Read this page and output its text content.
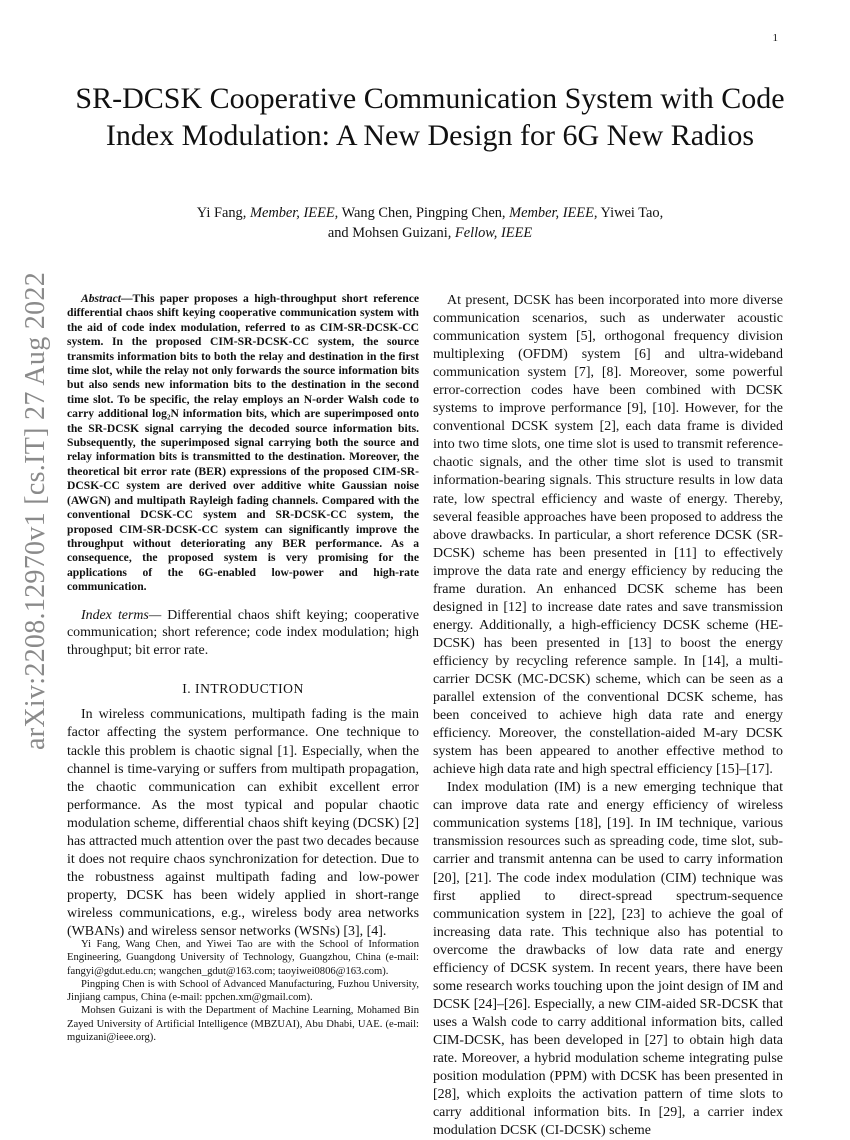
1
arXiv:2208.12970v1 [cs.IT] 27 Aug 2022
SR-DCSK Cooperative Communication System with Code Index Modulation: A New Design for 6G New Radios
Yi Fang, Member, IEEE, Wang Chen, Pingping Chen, Member, IEEE, Yiwei Tao,
and Mohsen Guizani, Fellow, IEEE

Abstract—This paper proposes a high-throughput short reference differential chaos shift keying cooperative communication system with the aid of code index modulation, referred to as CIM-SR-DCSK-CC system. In the proposed CIM-SR-DCSK-CC system, the source transmits information bits to both the relay and destination in the first time slot, while the relay not only forwards the source information bits but also sends new information bits to the destination in the second time slot. To be specific, the relay employs an N-order Walsh code to carry additional log₂N information bits, which are superimposed onto the SR-DCSK signal carrying the decoded source information bits. Subsequently, the superimposed signal carrying both the source and relay information bits is transmitted to the destination. Moreover, the theoretical bit error rate (BER) expressions of the proposed CIM-SR-DCSK-CC system are derived over additive white Gaussian noise (AWGN) and multipath Rayleigh fading channels. Compared with the conventional DCSK-CC system and SR-DCSK-CC system, the proposed CIM-SR-DCSK-CC system can significantly improve the throughput without deteriorating any BER performance. As a consequence, the proposed system is very promising for the applications of the 6G-enabled low-power and high-rate communication.

Index terms— Differential chaos shift keying; cooperative communication; short reference; code index modulation; high throughput; bit error rate.

I. INTRODUCTION

In wireless communications, multipath fading is the main factor affecting the system performance. One technique to tackle this problem is chaotic signal [1]. Especially, when the channel is time-varying or suffers from multipath propagation, the chaotic communication can exhibit excellent error performance. As the most typical and popular chaotic modulation scheme, differential chaos shift keying (DCSK) [2] has attracted much attention over the past two decades because it does not require chaos synchronization for detection. Due to the robustness against multipath fading and low-power property, DCSK has been widely applied in short-range wireless communications, e.g., wireless body area networks (WBANs) and wireless sensor networks (WSNs) [3], [4].

Yi Fang, Wang Chen, and Yiwei Tao are with the School of Information Engineering, Guangdong University of Technology, Guangzhou, China (e-mail: fangyi@gdut.edu.cn; wangchen_gdut@163.com; taoyiwei0806@163.com).

Pingping Chen is with School of Advanced Manufacturing, Fuzhou University, Jinjiang campus, China (e-mail: ppchen.xm@gmail.com).

Mohsen Guizani is with the Department of Machine Learning, Mohamed Bin Zayed University of Artificial Intelligence (MBZUAI), Abu Dhabi, UAE. (e-mail: mguizani@ieee.org).

At present, DCSK has been incorporated into more diverse communication scenarios, such as underwater acoustic communication system [5], orthogonal frequency division multiplexing (OFDM) system [6] and ultra-wideband communication system [7], [8]. Moreover, some powerful error-correction codes have been combined with DCSK systems to improve performance [9], [10]. However, for the conventional DCSK system [2], each data frame is divided into two time slots, one time slot is used to transmit reference-chaotic signals, and the other time slot is used to transmit information-bearing signals. This structure results in low data rate, low spectral efficiency and waste of energy. Thereby, several feasible approaches have been proposed to address the above drawbacks. In particular, a short reference DCSK (SR-DCSK) scheme has been presented in [11] to effectively improve the data rate and energy efficiency by reducing the frame duration. An enhanced DCSK scheme has been designed in [12] to increase date rates and save transmission energy. Additionally, a high-efficiency DCSK scheme (HE-DCSK) has been presented in [13] to boost the energy efficiency by recycling reference sample. In [14], a multi-carrier DCSK (MC-DCSK) scheme, which can be seen as a parallel extension of the conventional DCSK scheme, has been conceived to achieve high data rate and energy efficiency. Moreover, the constellation-aided M-ary DCSK system has been appeared to another effective method to achieve high data rate and high spectral efficiency [15]–[17].

Index modulation (IM) is a new emerging technique that can improve data rate and energy efficiency of wireless communication systems [18], [19]. In IM technique, various transmission resources such as spreading code, time slot, sub-carrier and transmit antenna can be used to carry information [20], [21]. The code index modulation (CIM) technique was first applied to direct-spread spectrum-sequence communication system in [22], [23] to achieve the goal of increasing data rate. This technique also has potential to overcome the drawbacks of low data rate and energy efficiency of DCSK system. In recent years, there have been some research works touching upon the joint design of IM and DCSK [24]–[26]. Especially, a new CIM-aided SR-DCSK that uses a Walsh code to carry additional information bits, called CIM-DCSK, has been developed in [27] to obtain high data rate. Moreover, a hybrid modulation scheme integrating pulse position modulation (PPM) with DCSK has been presented in [28], which exploits the activation pattern of time slots to carry additional information bits. In [29], a carrier index modulation DCSK (CI-DCSK) scheme
